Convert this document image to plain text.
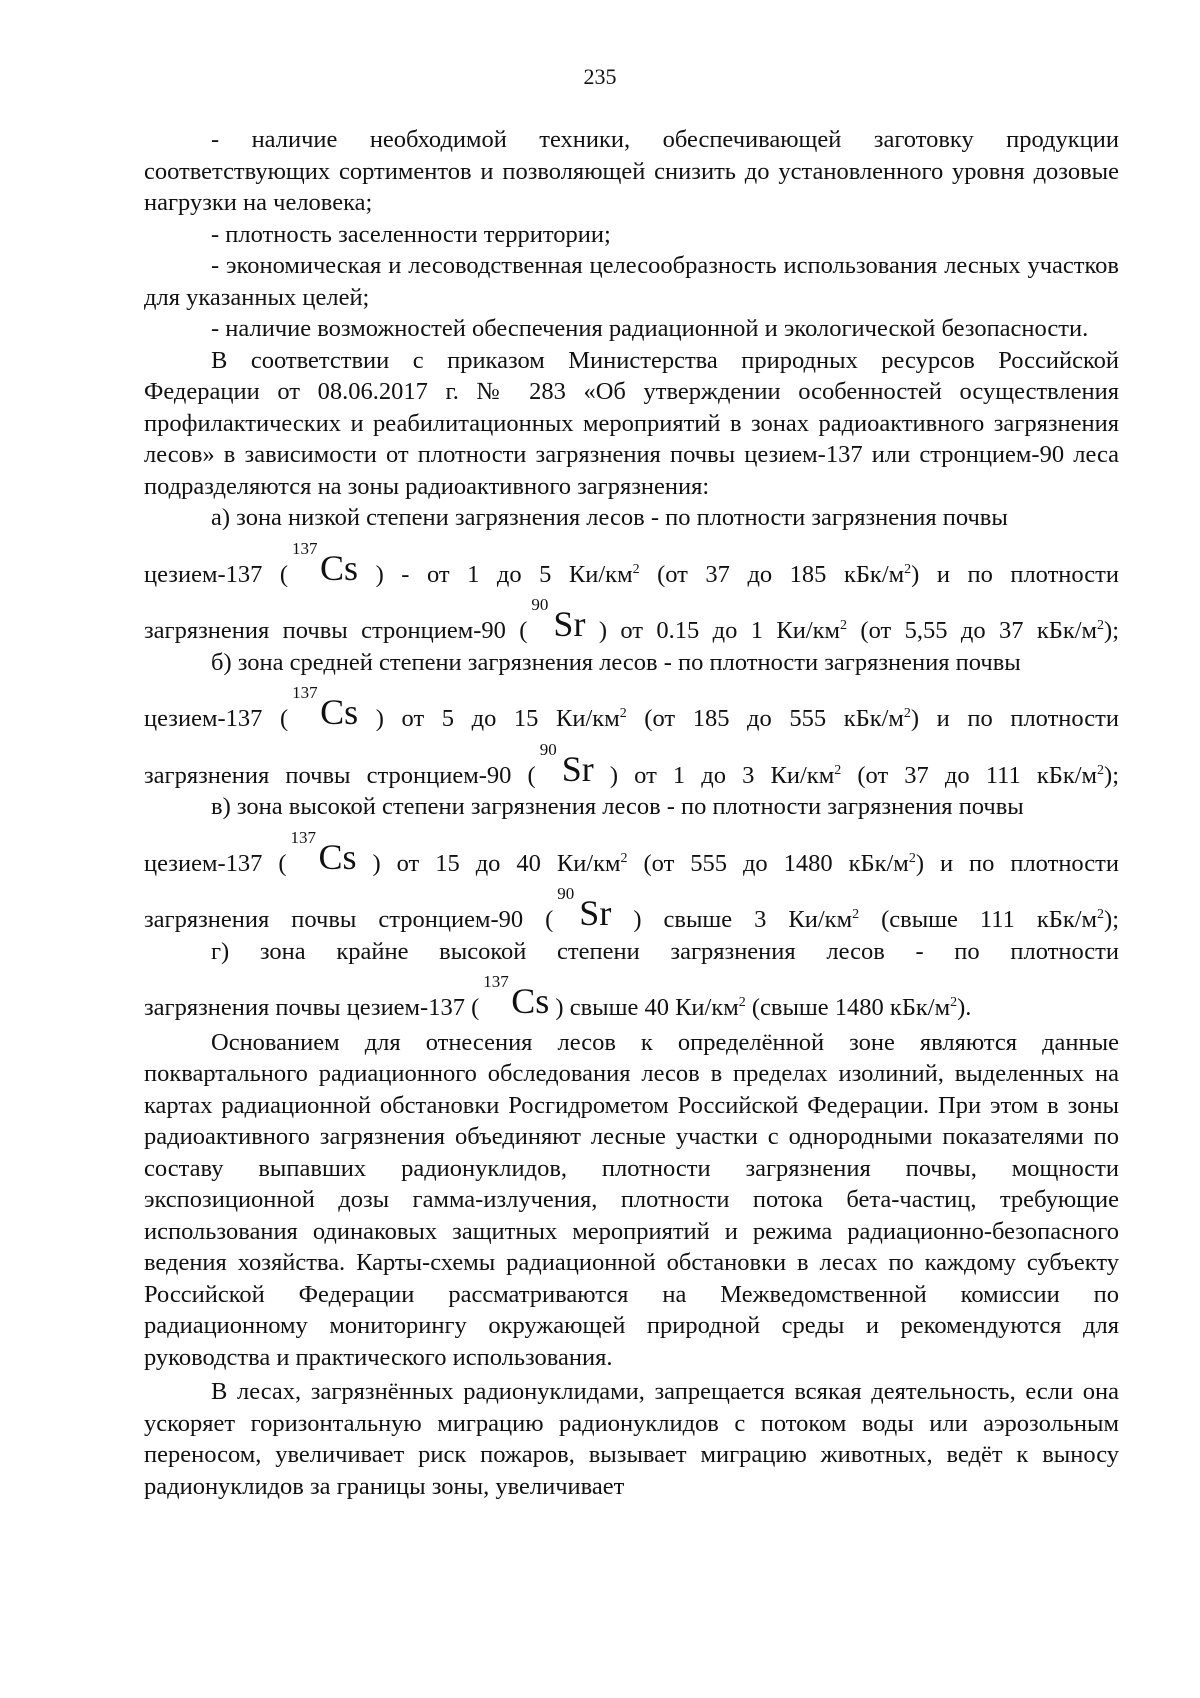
235

- наличие необходимой техники, обеспечивающей заготовку продукции соответствующих сортиментов и позволяющей снизить до установленного уровня дозовые нагрузки на человека;

- плотность заселенности территории;

- экономическая и лесоводственная целесообразность использования лесных участков для указанных целей;

- наличие возможностей обеспечения радиационной и экологической безопасности.

В соответствии с приказом Министерства природных ресурсов Российской Федерации от 08.06.2017 г. № 283 «Об утверждении особенностей осуществления профилактических и реабилитационных мероприятий в зонах радиоактивного загрязнения лесов» в зависимости от плотности загрязнения почвы цезием-137 или стронцием-90 леса подразделяются на зоны радиоактивного загрязнения:

а) зона низкой степени загрязнения лесов - по плотности загрязнения почвы

цезием-137 (
137 Cs ) - от 1 до 5 $Ки/км^2$ (от 37 до 185 кБк/$м^2$) и по плотности

загрязнения почвы стронцием-90 (
90 Sr ) от 0.15 до 1 $Ки/км^2$ (от 5,55 до 37 кБк/$м^2$);

б) зона средней степени загрязнения лесов - по плотности загрязнения почвы

цезием-137 (
137 Cs ) от 5 до 15 $Ки/км^2$ (от 185 до 555 кБк/$м^2$) и по плотности

загрязнения почвы стронцием-90 (
90 Sr ) от 1 до 3 $Ки/км^2$ (от 37 до 111 кБк/$м^2$);

в) зона высокой степени загрязнения лесов - по плотности загрязнения почвы

цезием-137 (
137 Cs ) от 15 до 40 $Ки/км^2$ (от 555 до 1480 кБк/$м^2$) и по плотности

загрязнения почвы стронцием-90 (
90 Sr ) свыше 3 $Ки/км^2$ (свыше 111 кБк/$м^2$);

г) зона крайне высокой степени загрязнения лесов - по плотности

загрязнения почвы цезием-137 (
137 Cs ) свыше 40 $Ки/км^2$ (свыше 1480 кБк/$м^2$).

Основанием для отнесения лесов к определённой зоне являются данные поквартального радиационного обследования лесов в пределах изолиний, выделенных на картах радиационной обстановки Росгидрометом Российской Федерации. При этом в зоны радиоактивного загрязнения объединяют лесные участки с однородными показателями по составу выпавших радионуклидов, плотности загрязнения почвы, мощности экспозиционной дозы гамма-излучения, плотности потока бета-частиц, требующие использования одинаковых защитных мероприятий и режима радиационно-безопасного ведения хозяйства. Карты-схемы радиационной обстановки в лесах по каждому субъекту Российской Федерации рассматриваются на Межведомственной комиссии по радиационному мониторингу окружающей природной среды и рекомендуются для руководства и практического использования.

В лесах, загрязнённых радионуклидами, запрещается всякая деятельность, если она ускоряет горизонтальную миграцию радионуклидов с потоком воды или аэрозольным переносом, увеличивает риск пожаров, вызывает миграцию животных, ведёт к выносу радионуклидов за границы зоны, увеличивает
